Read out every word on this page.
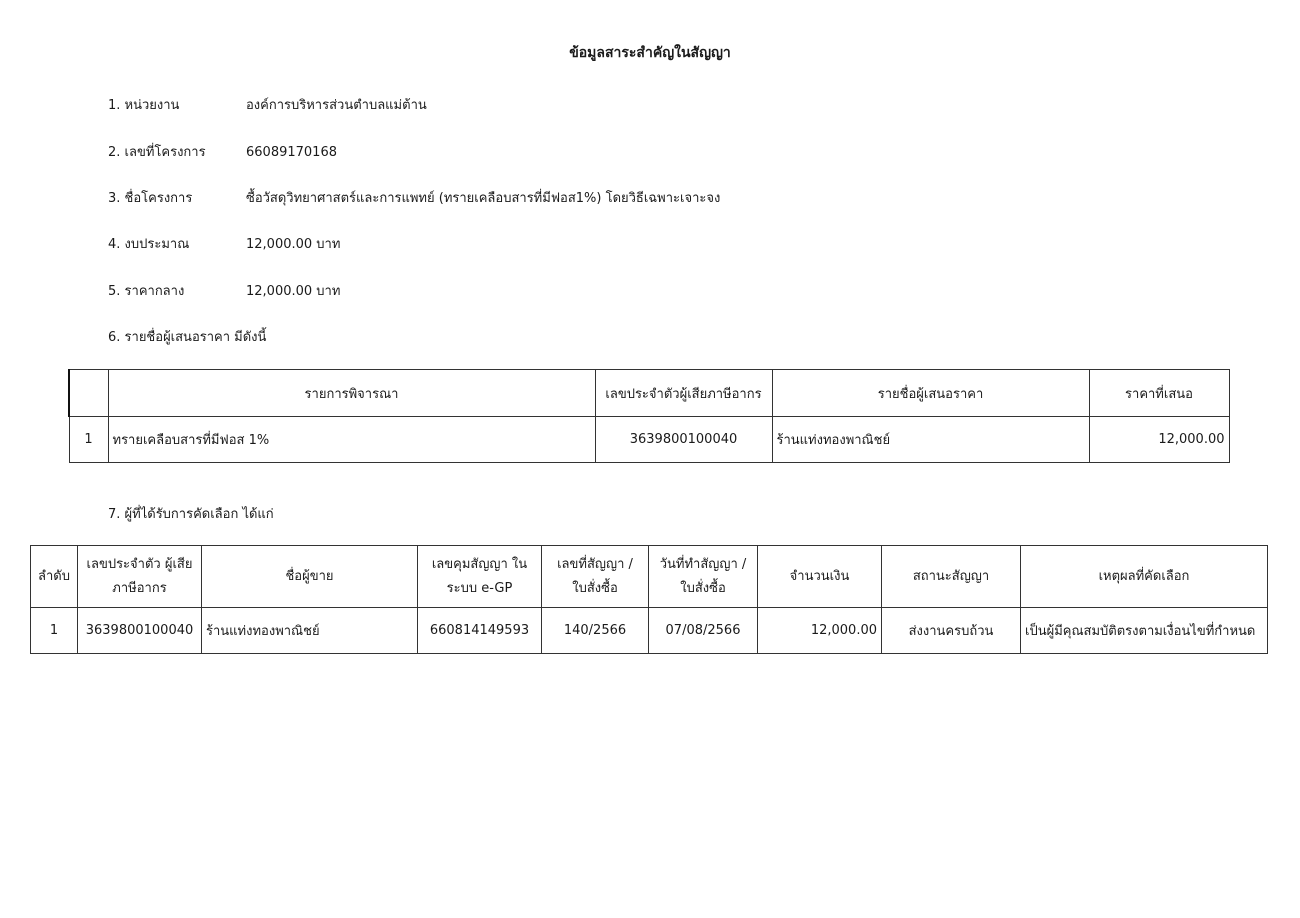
ข้อมูลสาระสำคัญในสัญญา
1. หน่วยงาน	องค์การบริหารส่วนตำบลแม่ต้าน
2. เลขที่โครงการ	66089170168
3. ชื่อโครงการ	ซื้อวัสดุวิทยาศาสตร์และการแพทย์ (ทรายเคลือบสารที่มีฟอส1%) โดยวิธีเฉพาะเจาะจง
4. งบประมาณ	12,000.00 บาท
5. ราคากลาง	12,000.00 บาท
6. รายชื่อผู้เสนอราคา มีดังนี้
	รายการพิจารณา	เลขประจำตัวผู้เสียภาษีอากร	รายชื่อผู้เสนอราคา	ราคาที่เสนอ
1	ทรายเคลือบสารที่มีฟอส 1%	3639800100040	ร้านแท่งทองพาณิชย์	12,000.00
7. ผู้ที่ได้รับการคัดเลือก ได้แก่
ลำดับ	เลขประจำตัว ผู้เสียภาษีอากร	ชื่อผู้ขาย	เลขคุมสัญญา ในระบบ e-GP	เลขที่สัญญา / ใบสั่งซื้อ	วันที่ทำสัญญา / ใบสั่งซื้อ	จำนวนเงิน	สถานะสัญญา	เหตุผลที่คัดเลือก
1	3639800100040	ร้านแท่งทองพาณิชย์	660814149593	140/2566	07/08/2566	12,000.00	ส่งงานครบถ้วน	เป็นผู้มีคุณสมบัติตรงตามเงื่อนไขที่กำหนด
